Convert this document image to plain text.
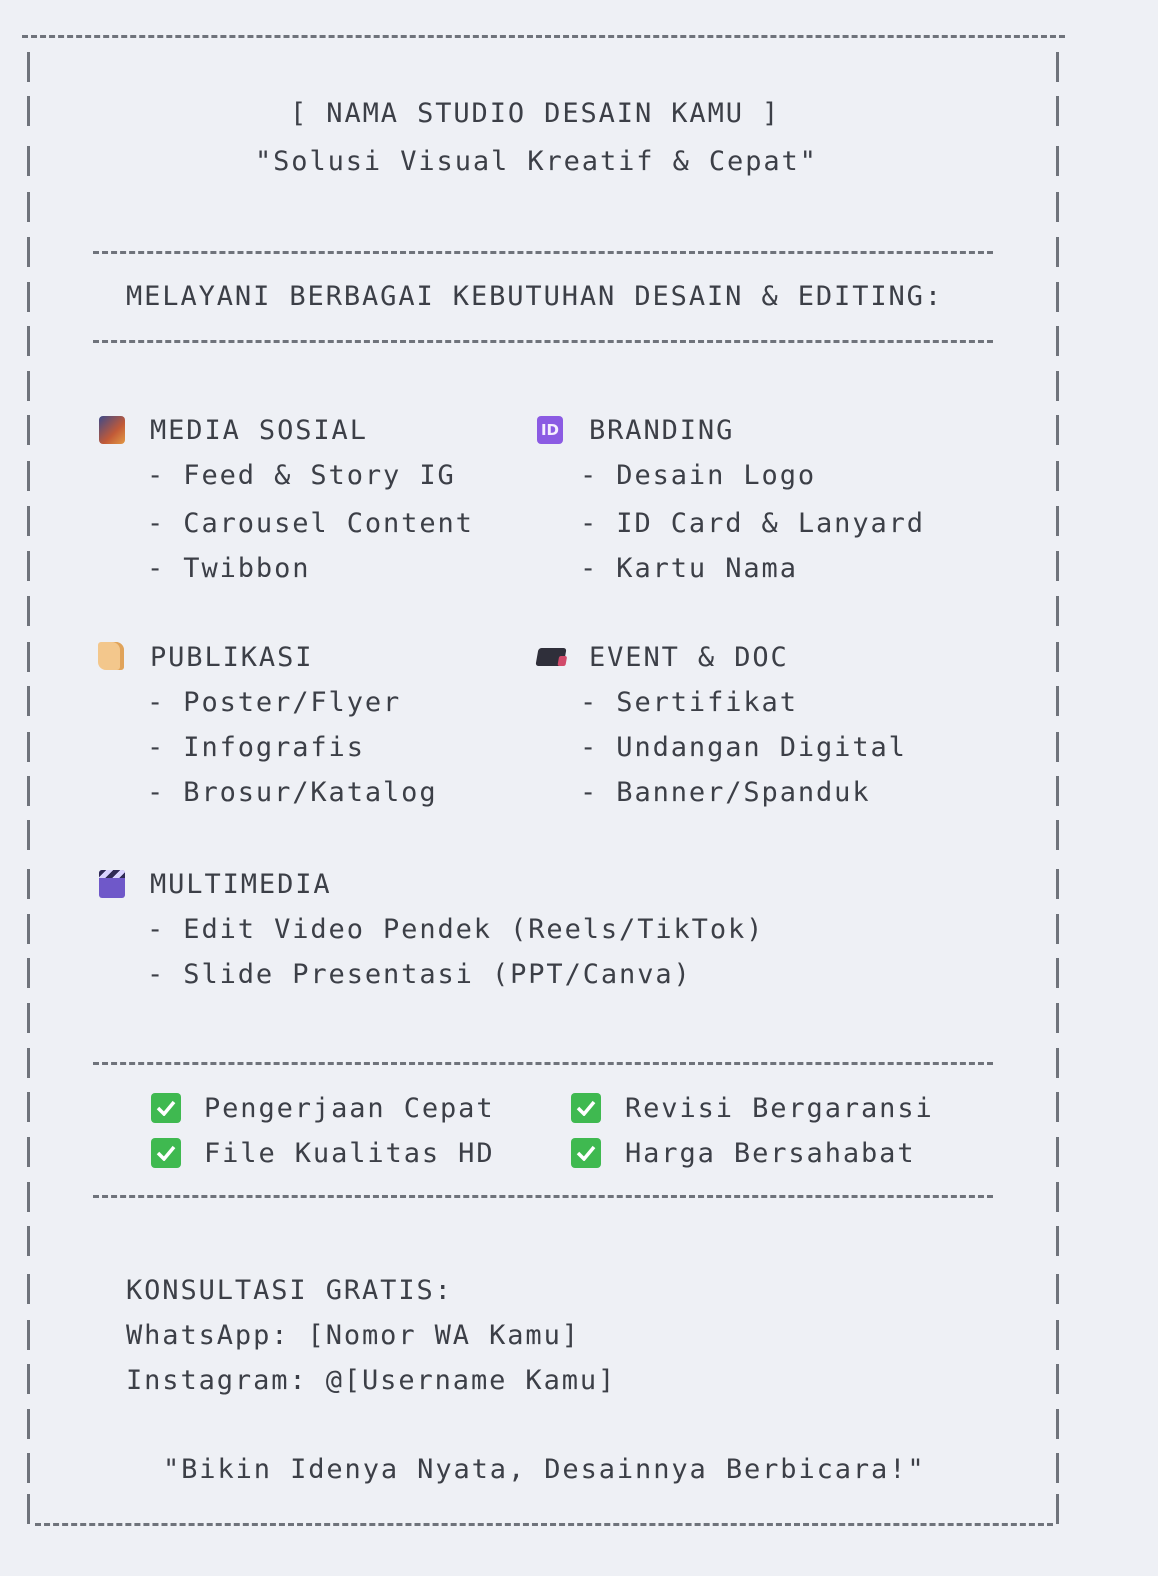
[ NAMA STUDIO DESAIN KAMU ]
"Solusi Visual Kreatif & Cepat"
MELAYANI BERBAGAI KEBUTUHAN DESAIN & EDITING:
MEDIA SOSIAL
- Feed & Story IG
- Carousel Content
- Twibbon
ID BRANDING
- Desain Logo
- ID Card & Lanyard
- Kartu Nama
PUBLIKASI
- Poster/Flyer
- Infografis
- Brosur/Katalog
EVENT & DOC
- Sertifikat
- Undangan Digital
- Banner/Spanduk
MULTIMEDIA
- Edit Video Pendek (Reels/TikTok)
- Slide Presentasi (PPT/Canva)
Pengerjaan Cepat	Revisi Bergaransi
File Kualitas HD	Harga Bersahabat
KONSULTASI GRATIS:
WhatsApp: [Nomor WA Kamu]
Instagram: @[Username Kamu]
"Bikin Idenya Nyata, Desainnya Berbicara!"
